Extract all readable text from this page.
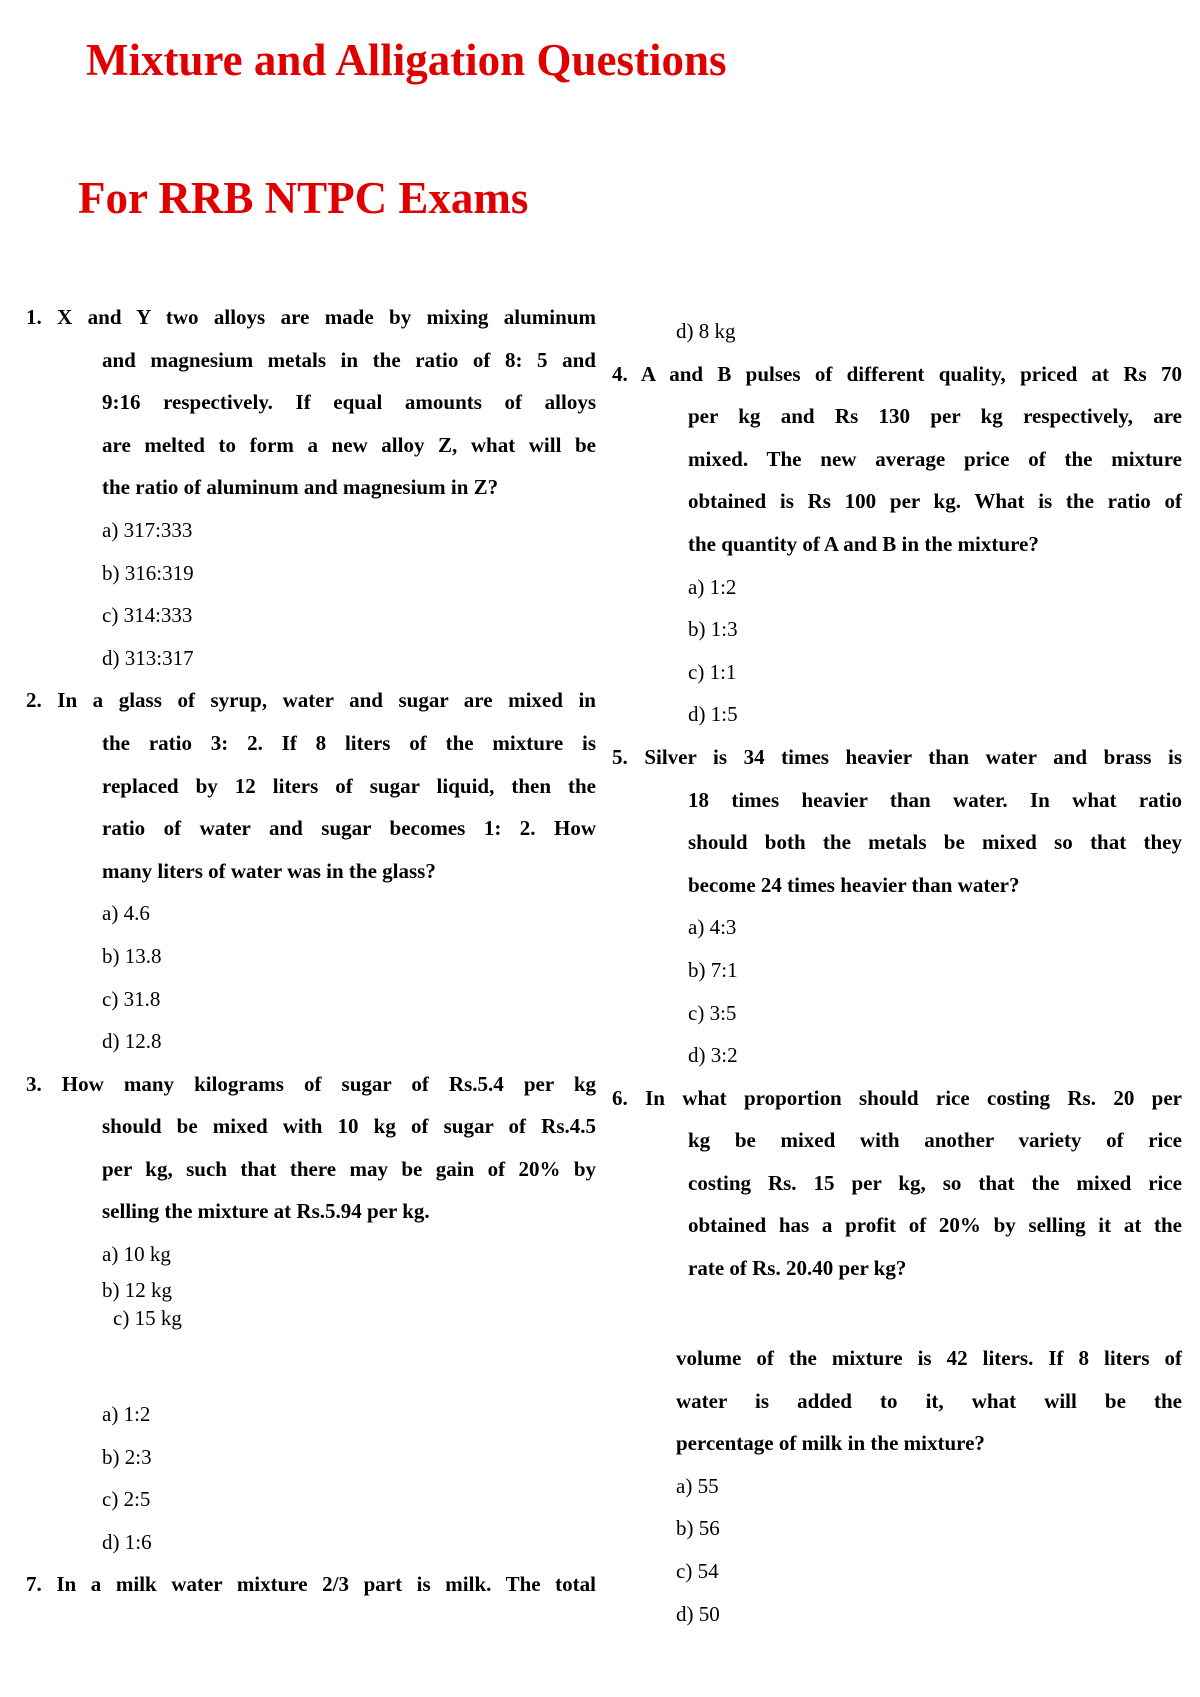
Mixture and Alligation Questions
For RRB NTPC Exams

1. X and Y two alloys are made by mixing aluminum

and magnesium metals in the ratio of 8: 5 and

9:16 respectively. If equal amounts of alloys

are melted to form a new alloy Z, what will be

the ratio of aluminum and magnesium in Z?

a) 317:333

b) 316:319

c) 314:333

d) 313:317

2. In a glass of syrup, water and sugar are mixed in

the ratio 3: 2. If 8 liters of the mixture is

replaced by 12 liters of sugar liquid, then the

ratio of water and sugar becomes 1: 2. How

many liters of water was in the glass?

a) 4.6

b) 13.8

c) 31.8

d) 12.8

3. How many kilograms of sugar of Rs.5.4 per kg

should be mixed with 10 kg of sugar of Rs.4.5

per kg, such that there may be gain of 20% by

selling the mixture at Rs.5.94 per kg.

a) 10 kg

b) 12 kg

c) 15 kg

a) 1:2

b) 2:3

c) 2:5

d) 1:6

7. In a milk water mixture 2/3 part is milk. The total

d) 8 kg

4. A and B pulses of different quality, priced at Rs 70

per kg and Rs 130 per kg respectively, are

mixed. The new average price of the mixture

obtained is Rs 100 per kg. What is the ratio of

the quantity of A and B in the mixture?

a) 1:2

b) 1:3

c) 1:1

d) 1:5

5. Silver is 34 times heavier than water and brass is

18 times heavier than water. In what ratio

should both the metals be mixed so that they

become 24 times heavier than water?

a) 4:3

b) 7:1

c) 3:5

d) 3:2

6. In what proportion should rice costing Rs. 20 per

kg be mixed with another variety of rice

costing Rs. 15 per kg, so that the mixed rice

obtained has a profit of 20% by selling it at the

rate of Rs. 20.40 per kg?

volume of the mixture is 42 liters. If 8 liters of

water is added to it, what will be the

percentage of milk in the mixture?

a) 55

b) 56

c) 54

d) 50
